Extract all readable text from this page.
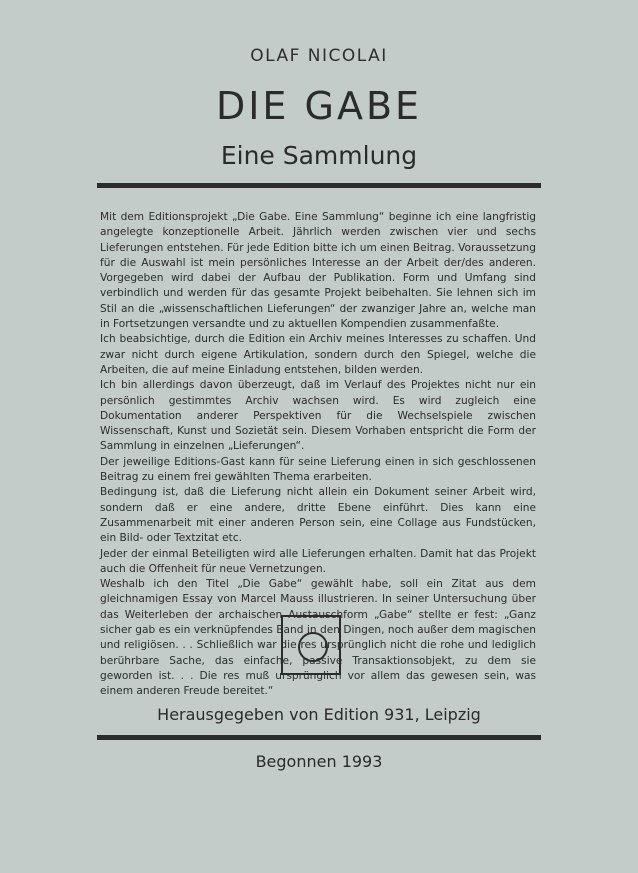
OLAF NICOLAI
DIE GABE
Eine Sammlung

Mit dem Editionsprojekt „Die Gabe. Eine Sammlung“ beginne ich eine langfristig angelegte konzeptionelle Arbeit. Jährlich werden zwischen vier und sechs Lieferungen entstehen. Für jede Edition bitte ich um einen Beitrag. Voraussetzung für die Auswahl ist mein persönliches Interesse an der Arbeit der/des anderen. Vorgegeben wird dabei der Aufbau der Publikation. Form und Umfang sind verbindlich und werden für das gesamte Projekt beibehalten. Sie lehnen sich im Stil an die „wissenschaftlichen Lieferungen“ der zwanziger Jahre an, welche man in Fortsetzungen versandte und zu aktuellen Kompendien zusammenfaßte.

Ich beabsichtige, durch die Edition ein Archiv meines Interesses zu schaffen. Und zwar nicht durch eigene Artikulation, sondern durch den Spiegel, welche die Arbeiten, die auf meine Einladung entstehen, bilden werden.

Ich bin allerdings davon überzeugt, daß im Verlauf des Projektes nicht nur ein persönlich gestimmtes Archiv wachsen wird. Es wird zugleich eine Dokumentation anderer Perspektiven für die Wechselspiele zwischen Wissenschaft, Kunst und Sozietät sein. Diesem Vorhaben entspricht die Form der Sammlung in einzelnen „Lieferungen“.

Der jeweilige Editions-Gast kann für seine Lieferung einen in sich geschlossenen Beitrag zu einem frei gewählten Thema erarbeiten.

Bedingung ist, daß die Lieferung nicht allein ein Dokument seiner Arbeit wird, sondern daß er eine andere, dritte Ebene einführt. Dies kann eine Zusammenarbeit mit einer anderen Person sein, eine Collage aus Fundstücken, ein Bild- oder Textzitat etc.

Jeder der einmal Beteiligten wird alle Lieferungen erhalten. Damit hat das Projekt auch die Offenheit für neue Vernetzungen.

Weshalb ich den Titel „Die Gabe“ gewählt habe, soll ein Zitat aus dem gleichnamigen Essay von Marcel Mauss illustrieren. In seiner Untersuchung über das Weiterleben der archaischen Austauschform „Gabe“ stellte er fest: „Ganz sicher gab es ein verknüpfendes Band in den Dingen, noch außer dem magischen und religiösen. . . Schließlich war die res ursprünglich nicht die rohe und lediglich berührbare Sache, das einfache, passive Transaktionsobjekt, zu dem sie geworden ist. . . Die res muß ursprünglich vor allem das gewesen sein, was einem anderen Freude bereitet.“

Herausgegeben von Edition 931, Leipzig
Begonnen 1993
